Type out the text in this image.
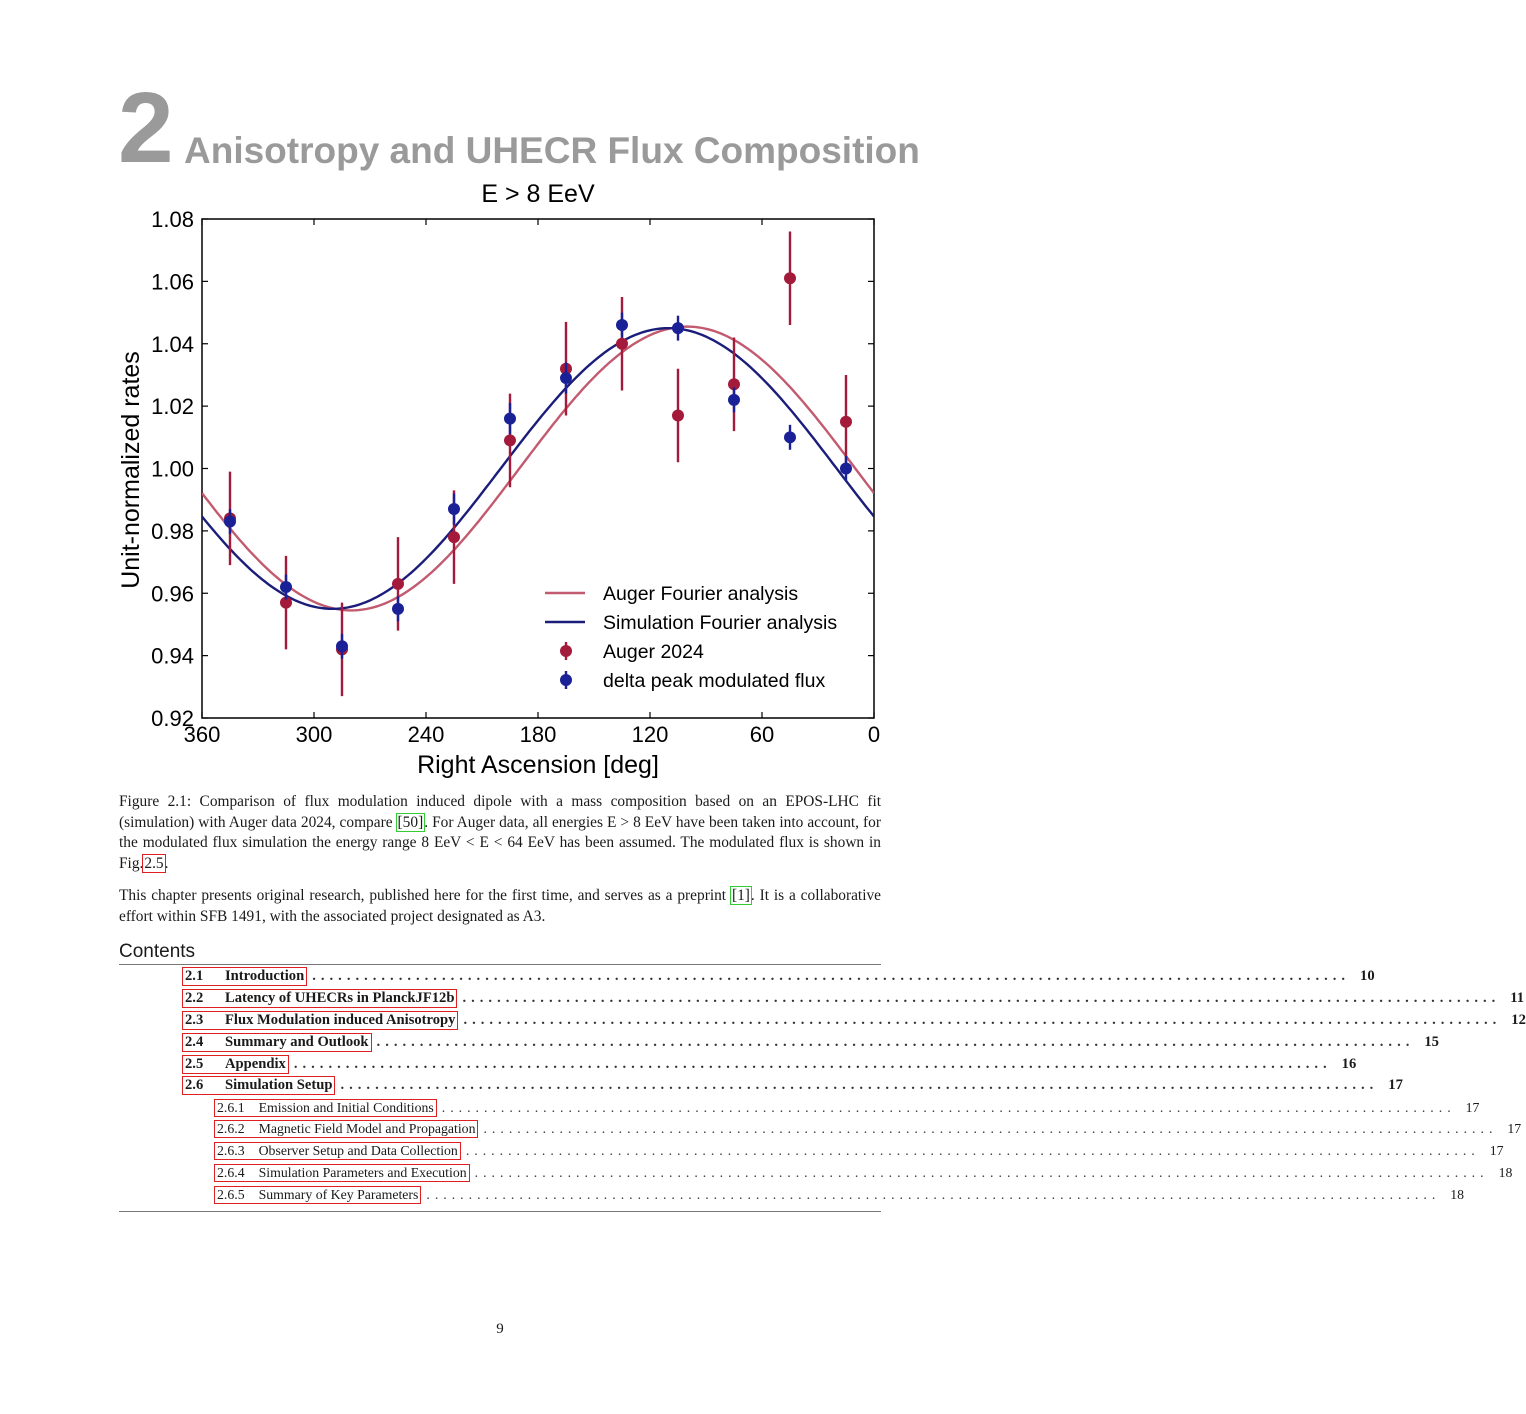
2 Anisotropy and UHECR Flux Composition
E > 8 EeV
0.92
0.94
0.96
0.98
1.00
1.02
1.04
1.06
1.08
360	300	240	180	120	60	0
Right Ascension [deg]
Unit-normalized rates
Auger Fourier analysis
Simulation Fourier analysis
Auger 2024
delta peak modulated flux
Figure 2.1: Comparison of flux modulation induced dipole with a mass composition based on an EPOS-LHC fit (simulation) with Auger data 2024, compare [50]. For Auger data, all energies E > 8 EeV have been taken into account, for the modulated flux simulation the energy range 8 EeV < E < 64 EeV has been assumed. The modulated flux is shown in Fig.2.5.
This chapter presents original research, published here for the first time, and serves as a preprint [1]. It is a collaborative effort within SFB 1491, with the associated project designated as A3.
Contents
2.1	Introduction ........................................................................................................................ 10
2.2	Latency of UHECRs in PlanckJF12b ........................................................................................................................ 11
2.3	Flux Modulation induced Anisotropy ........................................................................................................................ 12
2.4	Summary and Outlook ........................................................................................................................ 15
2.5	Appendix ........................................................................................................................ 16
2.6	Simulation Setup ........................................................................................................................ 17
2.6.1 Emission and Initial Conditions ........................................................................................................................ 17
2.6.2 Magnetic Field Model and Propagation ........................................................................................................................ 17
2.6.3 Observer Setup and Data Collection ........................................................................................................................ 17
2.6.4 Simulation Parameters and Execution ........................................................................................................................ 18
2.6.5 Summary of Key Parameters ........................................................................................................................ 18
9
